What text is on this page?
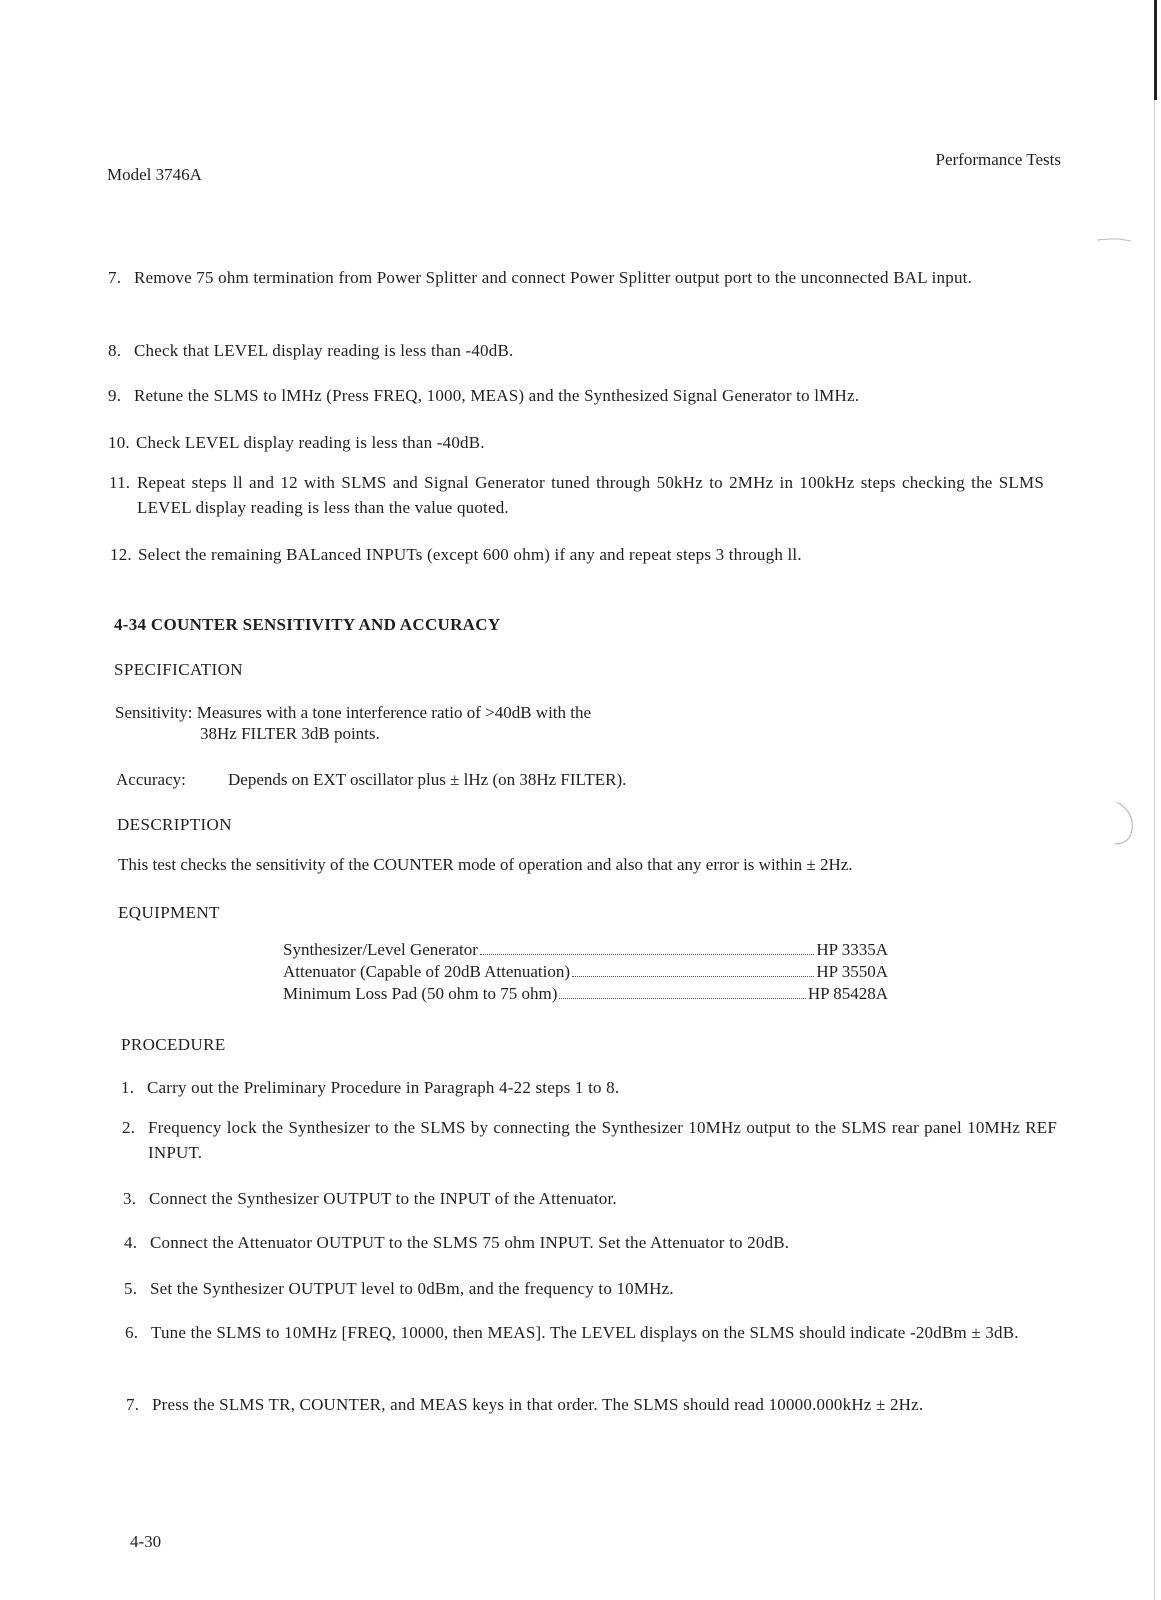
Model 3746A
Performance Tests
7. Remove 75 ohm termination from Power Splitter and connect Power Splitter output port to the unconnected BAL input.
8. Check that LEVEL display reading is less than -40dB.
9. Retune the SLMS to lMHz (Press FREQ, 1000, MEAS) and the Synthesized Signal Generator to lMHz.
10. Check LEVEL display reading is less than -40dB.
11. Repeat steps ll and 12 with SLMS and Signal Generator tuned through 50kHz to 2MHz in 100kHz steps checking the SLMS LEVEL display reading is less than the value quoted.
12. Select the remaining BALanced INPUTs (except 600 ohm) if any and repeat steps 3 through ll.
4-34 COUNTER SENSITIVITY AND ACCURACY
SPECIFICATION
Sensitivity: Measures with a tone interference ratio of >40dB with the
38Hz FILTER 3dB points.
Accuracy: Depends on EXT oscillator plus ± lHz (on 38Hz FILTER).
DESCRIPTION
This test checks the sensitivity of the COUNTER mode of operation and also that any error is within ± 2Hz.
EQUIPMENT
Synthesizer/Level Generator	HP 3335A
Attenuator (Capable of 20dB Attenuation)	HP 3550A
Minimum Loss Pad (50 ohm to 75 ohm)	HP 85428A
PROCEDURE
1. Carry out the Preliminary Procedure in Paragraph 4-22 steps 1 to 8.
2. Frequency lock the Synthesizer to the SLMS by connecting the Synthesizer 10MHz output to the SLMS rear panel 10MHz REF INPUT.
3. Connect the Synthesizer OUTPUT to the INPUT of the Attenuator.
4. Connect the Attenuator OUTPUT to the SLMS 75 ohm INPUT. Set the Attenuator to 20dB.
5. Set the Synthesizer OUTPUT level to 0dBm, and the frequency to 10MHz.
6. Tune the SLMS to 10MHz [FREQ, 10000, then MEAS]. The LEVEL displays on the SLMS should indicate -20dBm ± 3dB.
7. Press the SLMS TR, COUNTER, and MEAS keys in that order. The SLMS should read 10000.000kHz ± 2Hz.
4-30
